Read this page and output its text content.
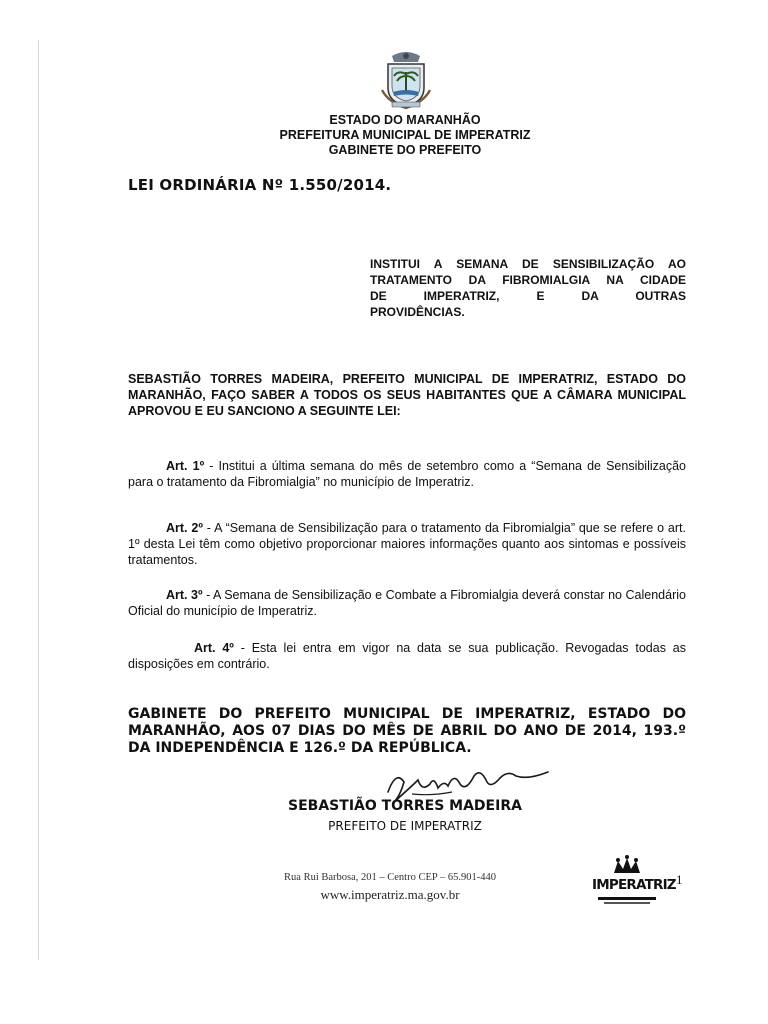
ESTADO DO MARANHÃO
PREFEITURA MUNICIPAL DE IMPERATRIZ
GABINETE DO PREFEITO
LEI ORDINÁRIA Nº 1.550/2014.
INSTITUI A SEMANA DE SENSIBILIZAÇÃO AO
TRATAMENTO DA FIBROMIALGIA NA CIDADE
DE IMPERATRIZ, E DA OUTRAS
PROVIDÊNCIAS.
SEBASTIÃO TORRES MADEIRA, PREFEITO MUNICIPAL DE IMPERATRIZ, ESTADO DO MARANHÃO, FAÇO SABER A TODOS OS SEUS HABITANTES QUE A CÂMARA MUNICIPAL APROVOU E EU SANCIONO A SEGUINTE LEI:
Art. 1º - Institui a última semana do mês de setembro como a “Semana de Sensibilização para o tratamento da Fibromialgia” no município de Imperatriz.
Art. 2º - A “Semana de Sensibilização para o tratamento da Fibromialgia” que se refere o art. 1º desta Lei têm como objetivo proporcionar maiores informações quanto aos sintomas e possíveis tratamentos.
Art. 3º - A Semana de Sensibilização e Combate a Fibromialgia deverá constar no Calendário Oficial do município de Imperatriz.
Art. 4º - Esta lei entra em vigor na data se sua publicação. Revogadas todas as disposições em contrário.
GABINETE DO PREFEITO MUNICIPAL DE IMPERATRIZ, ESTADO DO MARANHÃO, AOS 07 DIAS DO MÊS DE ABRIL DO ANO DE 2014, 193.º DA INDEPENDÊNCIA E 126.º DA REPÚBLICA.
SEBASTIÃO TORRES MADEIRA
PREFEITO DE IMPERATRIZ
Rua Rui Barbosa, 201 – Centro CEP – 65.901-440
www.imperatriz.ma.gov.br
IMPERATRIZ 1
